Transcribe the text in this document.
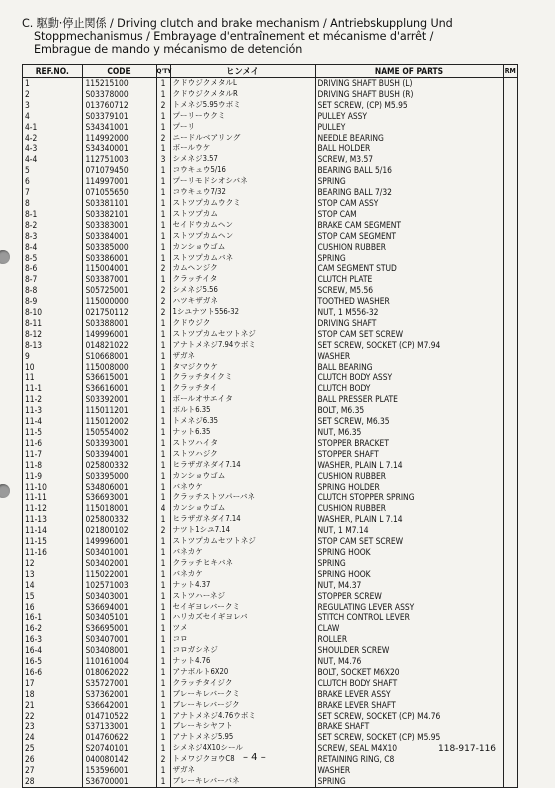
C. 駆動·停止関係 / Driving clutch and brake mechanism / Antriebskupplung Und
Stoppmechanismus / Embrayage d'entraînement et mécanisme d'arrêt /
Embrague de mando y mécanismo de detención
REF.NO.	CODE	Q'TY	ヒンメイ	NAME OF PARTS	RM
1	115215100	1	クドウジクメタルL	DRIVING SHAFT BUSH (L)	
2	S03378000	1	クドウジクメタルR	DRIVING SHAFT BUSH (R)	
3	013760712	2	トメネジ5.95ウボミ	SET SCREW, (CP) M5.95	
4	S03379101	1	プーリーウクミ	PULLEY ASSY	
4-1	S34341001	1	プーリ	PULLEY	
4-2	114992000	2	ニードルベアリング	NEEDLE BEARING	
4-3	S34340001	1	ボールウケ	BALL HOLDER	
4-4	112751003	3	シメネジ3.57	SCREW, M3.57	
5	071079450	1	コウキュウ5/16	BEARING BALL 5/16	
6	114997001	1	プーリモドシオシバネ	SPRING	
7	071055650	1	コウキュウ7/32	BEARING BALL 7/32	
8	S03381101	1	ストツプカムウクミ	STOP CAM ASSY	
8-1	S03382101	1	ストツプカム	STOP CAM	
8-2	S03383001	1	セイドウカムヘン	BRAKE CAM SEGMENT	
8-3	S03384001	1	ストツプカムヘン	STOP CAM SEGMENT	
8-4	S03385000	1	カンショウゴム	CUSHION RUBBER	
8-5	S03386001	1	ストツプカムバネ	SPRING	
8-6	115004001	2	カムヘンジク	CAM SEGMENT STUD	
8-7	S03387001	1	クラッチイタ	CLUTCH PLATE	
8-8	S05725001	2	シメネジ5.56	SCREW, M5.56	
8-9	115000000	2	ハツキザガネ	TOOTHED WASHER	
8-10	021750112	2	1シユナツト556-32	NUT, 1 M556-32	
8-11	S03388001	1	クドウジク	DRIVING SHAFT	
8-12	149996001	1	ストツプカムセツトネジ	STOP CAM SET SCREW	
8-13	014821022	1	アナトメネジ7.94ウボミ	SET SCREW, SOCKET (CP) M7.94	
9	S10668001	1	ザガネ	WASHER	
10	115008000	1	タマジクウケ	BALL BEARING	
11	S36615001	1	クラッチタイクミ	CLUTCH BODY ASSY	
11-1	S36616001	1	クラッチタイ	CLUTCH BODY	
11-2	S03392001	1	ボールオサエイタ	BALL PRESSER PLATE	
11-3	115011201	1	ボルト6.35	BOLT, M6.35	
11-4	115012002	1	トメネジ6.35	SET SCREW, M6.35	
11-5	150554002	1	ナット6.35	NUT, M6.35	
11-6	S03393001	1	ストツハイタ	STOPPER BRACKET	
11-7	S03394001	1	ストツハジク	STOPPER SHAFT	
11-8	025800332	1	ヒラザガネダイ7.14	WASHER, PLAIN L 7.14	
11-9	S03395000	1	カンショウゴム	CUSHION RUBBER	
11-10	S34806001	1	バネウケ	SPRING HOLDER	
11-11	S36693001	1	クラッチストツパーバネ	CLUTCH STOPPER SPRING	
11-12	115018001	4	カンショウゴム	CUSHION RUBBER	
11-13	025800332	1	ヒラザガネダイ7.14	WASHER, PLAIN L 7.14	
11-14	021800102	2	ナツト1シユ7.14	NUT, 1 M7.14	
11-15	149996001	1	ストツプカムセツトネジ	STOP CAM SET SCREW	
11-16	S03401001	1	バネカケ	SPRING HOOK	
12	S03402001	1	クラッチヒキバネ	SPRING	
13	115022001	1	バネカケ	SPRING HOOK	
14	102571003	1	ナット4.37	NUT, M4.37	
15	S03403001	1	ストツハーネジ	STOPPER SCREW	
16	S36694001	1	セイギヨレバークミ	REGULATING LEVER ASSY	
16-1	S03405101	1	ハリカズセイギヨレバ	STITCH CONTROL LEVER	
16-2	S36695001	1	ツメ	CLAW	
16-3	S03407001	1	コロ	ROLLER	
16-4	S03408001	1	コロガシネジ	SHOULDER SCREW	
16-5	110161004	1	ナット4.76	NUT, M4.76	
16-6	018062022	1	アナボルト6X20	BOLT, SOCKET M6X20	
17	S35727001	1	クラッチタイジク	CLUTCH BODY SHAFT	
18	S37362001	1	ブレーキレバークミ	BRAKE LEVER ASSY	
21	S36642001	1	ブレーキレバージク	BRAKE LEVER SHAFT	
22	014710522	1	アナトメネジ4.76ウボミ	SET SCREW, SOCKET (CP) M4.76	
23	S37133001	1	ブレーキシヤフト	BRAKE SHAFT	
24	014760622	1	アナトメネジ5.95	SET SCREW, SOCKET (CP) M5.95	
25	S20740101	1	シメネジ4X10シール	SCREW, SEAL M4X10	
26	040080142	2	トメワジクヨウC8	RETAINING RING, C8	
27	153596001	1	ザガネ	WASHER	
28	S36700001	1	ブレーキレバーバネ	SPRING	
– 4 –
118-917-116
